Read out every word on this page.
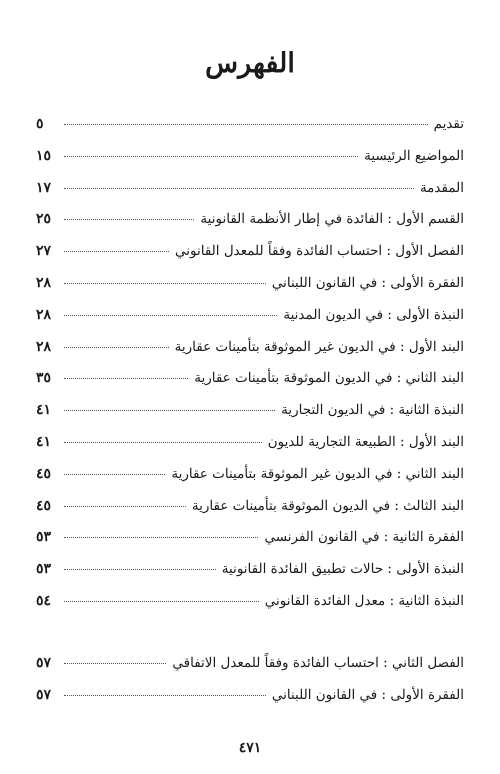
الفهرس
تقديم
٥
المواضيع الرئيسية
١٥
المقدمة
١٧
القسم الأول : الفائدة في إطار الأنظمة القانونية
٢٥
الفصل الأول : احتساب الفائدة وفقاً للمعدل القانوني
٢٧
الفقرة الأولى : في القانون اللبناني
٢٨
النبذة الأولى : في الديون المدنية
٢٨
البند الأول : في الديون غير الموثوقة بتأمينات عقارية
٢٨
البند الثاني : في الديون الموثوقة بتأمينات عقارية
٣٥
النبذة الثانية : في الديون التجارية
٤١
البند الأول : الطبيعة التجارية للديون
٤١
البند الثاني : في الديون غير الموثوقة بتأمينات عقارية
٤٥
البند الثالث : في الديون الموثوقة بتأمينات عقارية
٤٥
الفقرة الثانية : في القانون الفرنسي
٥٣
النبذة الأولى : حالات تطبيق الفائدة القانونية
٥٣
النبذة الثانية : معدل الفائدة القانوني
٥٤
الفصل الثاني : احتساب الفائدة وفقاً للمعدل الاتفاقي
٥٧
الفقرة الأولى : في القانون اللبناني
٥٧
٤٧١
